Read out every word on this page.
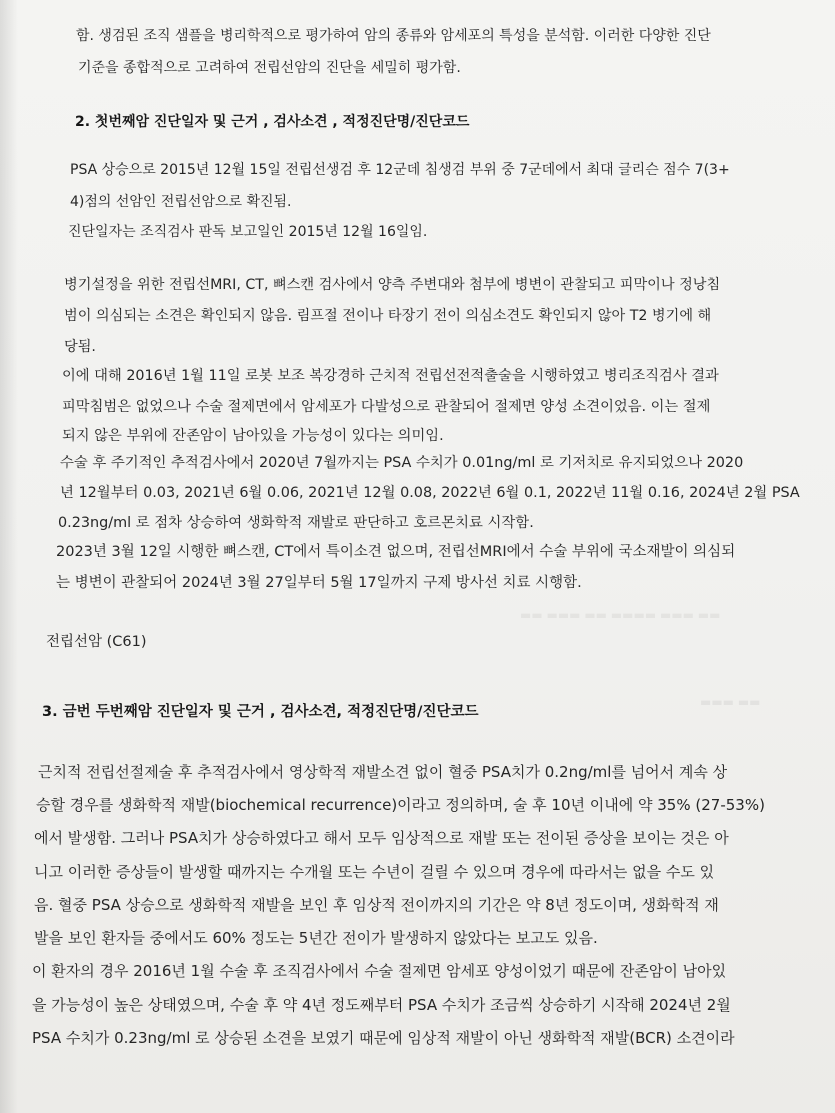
함. 생검된 조직 샘플을 병리학적으로 평가하여 암의 종류와 암세포의 특성을 분석함. 이러한 다양한 진단
기준을 종합적으로 고려하여 전립선암의 진단을 세밀히 평가함.
2. 첫번째암 진단일자 및 근거 , 검사소견 , 적정진단명/진단코드
PSA 상승으로 2015년 12월 15일 전립선생검 후 12군데 침생검 부위 중 7군데에서 최대 글리슨 점수 7(3+
4)점의 선암인 전립선암으로 확진됨.
진단일자는 조직검사 판독 보고일인 2015년 12월 16일임.
병기설정을 위한 전립선MRI, CT, 뼈스캔 검사에서 양측 주변대와 첨부에 병변이 관찰되고 피막이나 정낭침
범이 의심되는 소견은 확인되지 않음. 림프절 전이나 타장기 전이 의심소견도 확인되지 않아 T2 병기에 해
당됨.
이에 대해 2016년 1월 11일 로봇 보조 복강경하 근치적 전립선전적출술을 시행하였고 병리조직검사 결과
피막침범은 없었으나 수술 절제면에서 암세포가 다발성으로 관찰되어 절제면 양성 소견이었음. 이는 절제
되지 않은 부위에 잔존암이 남아있을 가능성이 있다는 의미임.
수술 후 주기적인 추적검사에서 2020년 7월까지는 PSA 수치가 0.01ng/ml 로 기저치로 유지되었으나 2020
년 12월부터 0.03, 2021년 6월 0.06, 2021년 12월 0.08, 2022년 6월 0.1, 2022년 11월 0.16, 2024년 2월 PSA
0.23ng/ml 로 점차 상승하여 생화학적 재발로 판단하고 호르몬치료 시작함.
2023년 3월 12일 시행한 뼈스캔, CT에서 특이소견 없으며, 전립선MRI에서 수술 부위에 국소재발이 의심되
는 병변이 관찰되어 2024년 3월 27일부터 5월 17일까지 구제 방사선 치료 시행함.
▬▬ ▬▬▬ ▬▬ ▬▬▬▬ ▬▬▬ ▬▬
▬▬▬ ▬▬
전립선암 (C61)
3. 금번 두번째암 진단일자 및 근거 , 검사소견, 적정진단명/진단코드
근치적 전립선절제술 후 추적검사에서 영상학적 재발소견 없이 혈중 PSA치가 0.2ng/ml를 넘어서 계속 상
승할 경우를 생화학적 재발(biochemical recurrence)이라고 정의하며, 술 후 10년 이내에 약 35% (27-53%)
에서 발생함. 그러나 PSA치가 상승하였다고 해서 모두 임상적으로 재발 또는 전이된 증상을 보이는 것은 아
니고 이러한 증상들이 발생할 때까지는 수개월 또는 수년이 걸릴 수 있으며 경우에 따라서는 없을 수도 있
음. 혈중 PSA 상승으로 생화학적 재발을 보인 후 임상적 전이까지의 기간은 약 8년 정도이며, 생화학적 재
발을 보인 환자들 중에서도 60% 정도는 5년간 전이가 발생하지 않았다는 보고도 있음.
이 환자의 경우 2016년 1월 수술 후 조직검사에서 수술 절제면 암세포 양성이었기 때문에 잔존암이 남아있
을 가능성이 높은 상태였으며, 수술 후 약 4년 정도째부터 PSA 수치가 조금씩 상승하기 시작해 2024년 2월
PSA 수치가 0.23ng/ml 로 상승된 소견을 보였기 때문에 임상적 재발이 아닌 생화학적 재발(BCR) 소견이라
